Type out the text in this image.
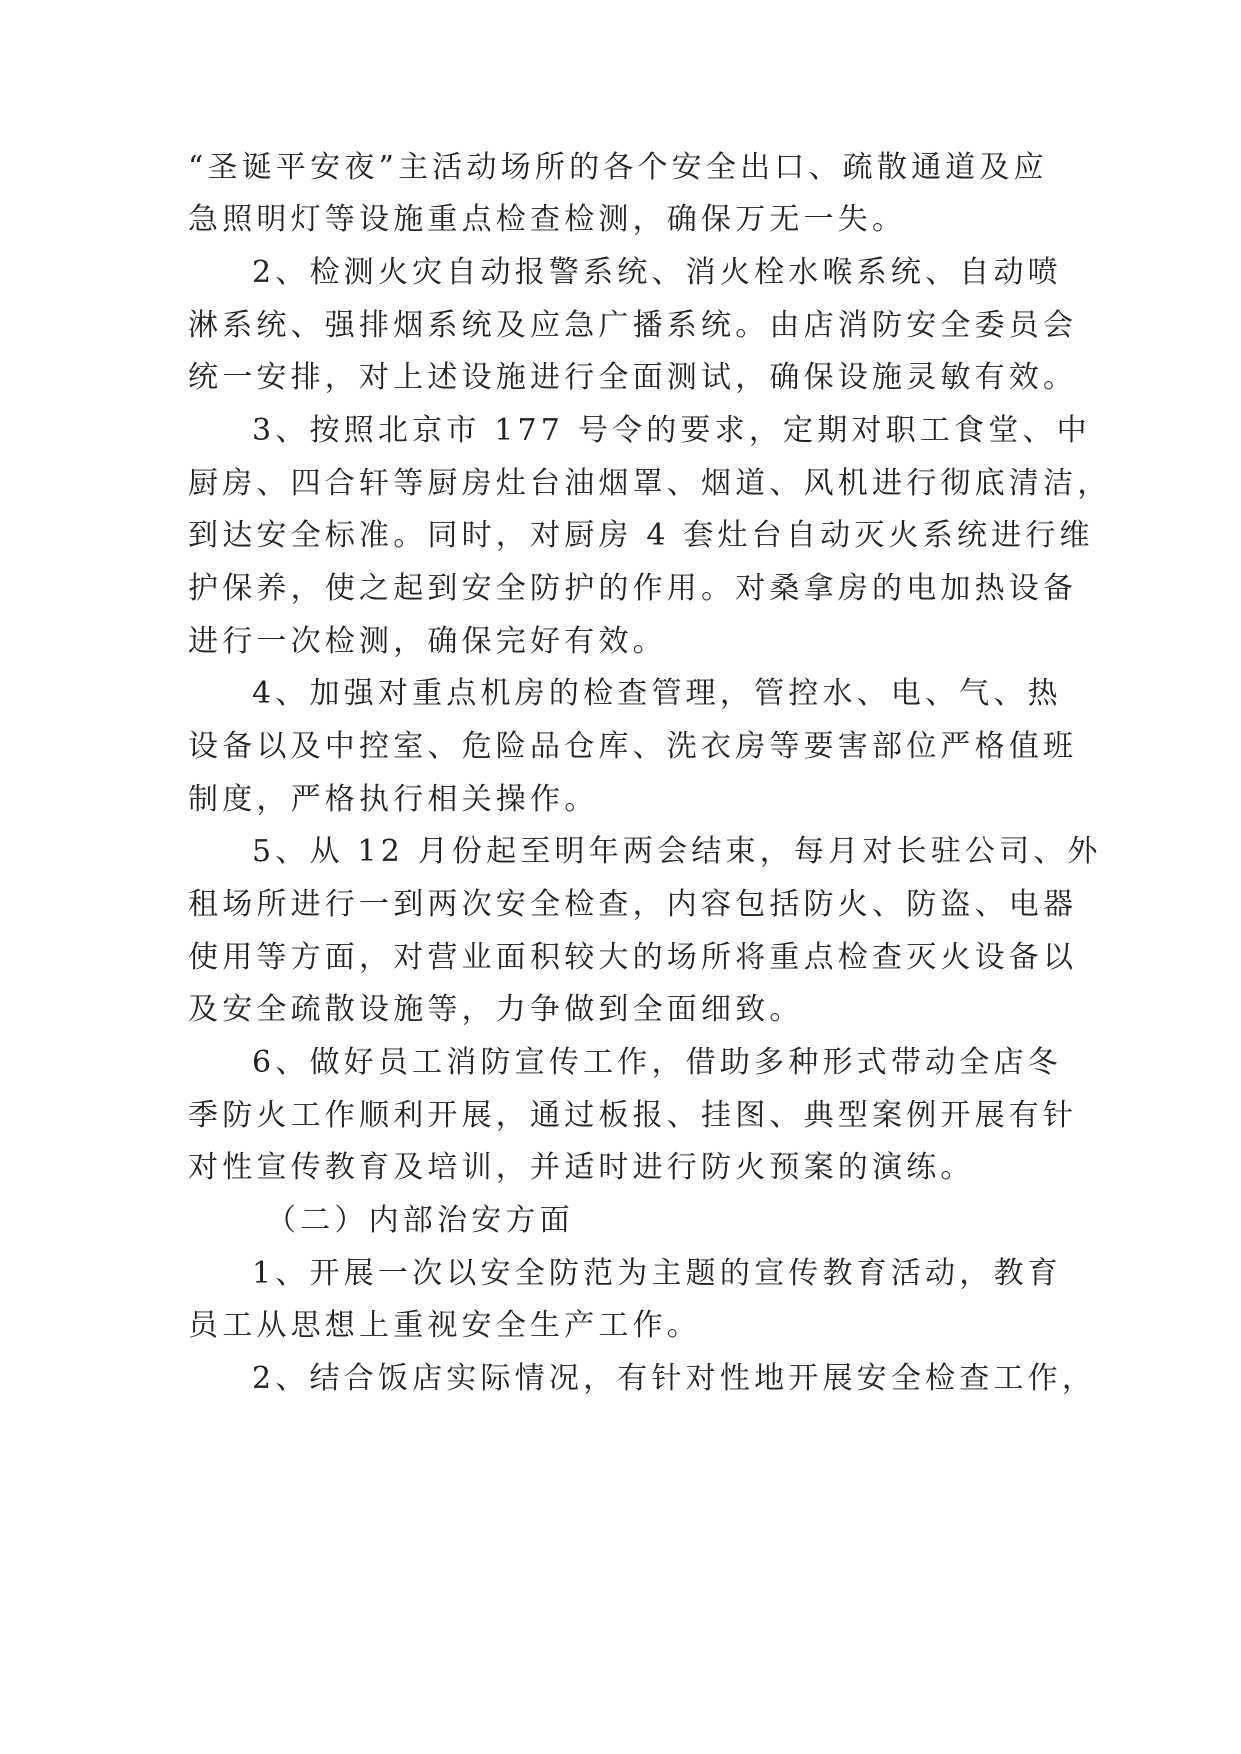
“圣诞平安夜”主活动场所的各个安全出口、疏散通道及应
急照明灯等设施重点检查检测，确保万无一失。
2、检测火灾自动报警系统、消火栓水喉系统、自动喷
淋系统、强排烟系统及应急广播系统。由店消防安全委员会
统一安排，对上述设施进行全面测试，确保设施灵敏有效。
3、按照北京市 177 号令的要求，定期对职工食堂、中
厨房、四合轩等厨房灶台油烟罩、烟道、风机进行彻底清洁，
到达安全标准。同时，对厨房 4 套灶台自动灭火系统进行维
护保养，使之起到安全防护的作用。对桑拿房的电加热设备
进行一次检测，确保完好有效。
4、加强对重点机房的检查管理，管控水、电、气、热
设备以及中控室、危险品仓库、洗衣房等要害部位严格值班
制度，严格执行相关操作。
5、从 12 月份起至明年两会结束，每月对长驻公司、外
租场所进行一到两次安全检查，内容包括防火、防盗、电器
使用等方面，对营业面积较大的场所将重点检查灭火设备以
及安全疏散设施等，力争做到全面细致。
6、做好员工消防宣传工作，借助多种形式带动全店冬
季防火工作顺利开展，通过板报、挂图、典型案例开展有针
对性宣传教育及培训，并适时进行防火预案的演练。
（二）内部治安方面
1、开展一次以安全防范为主题的宣传教育活动，教育
员工从思想上重视安全生产工作。
2、结合饭店实际情况，有针对性地开展安全检查工作，
